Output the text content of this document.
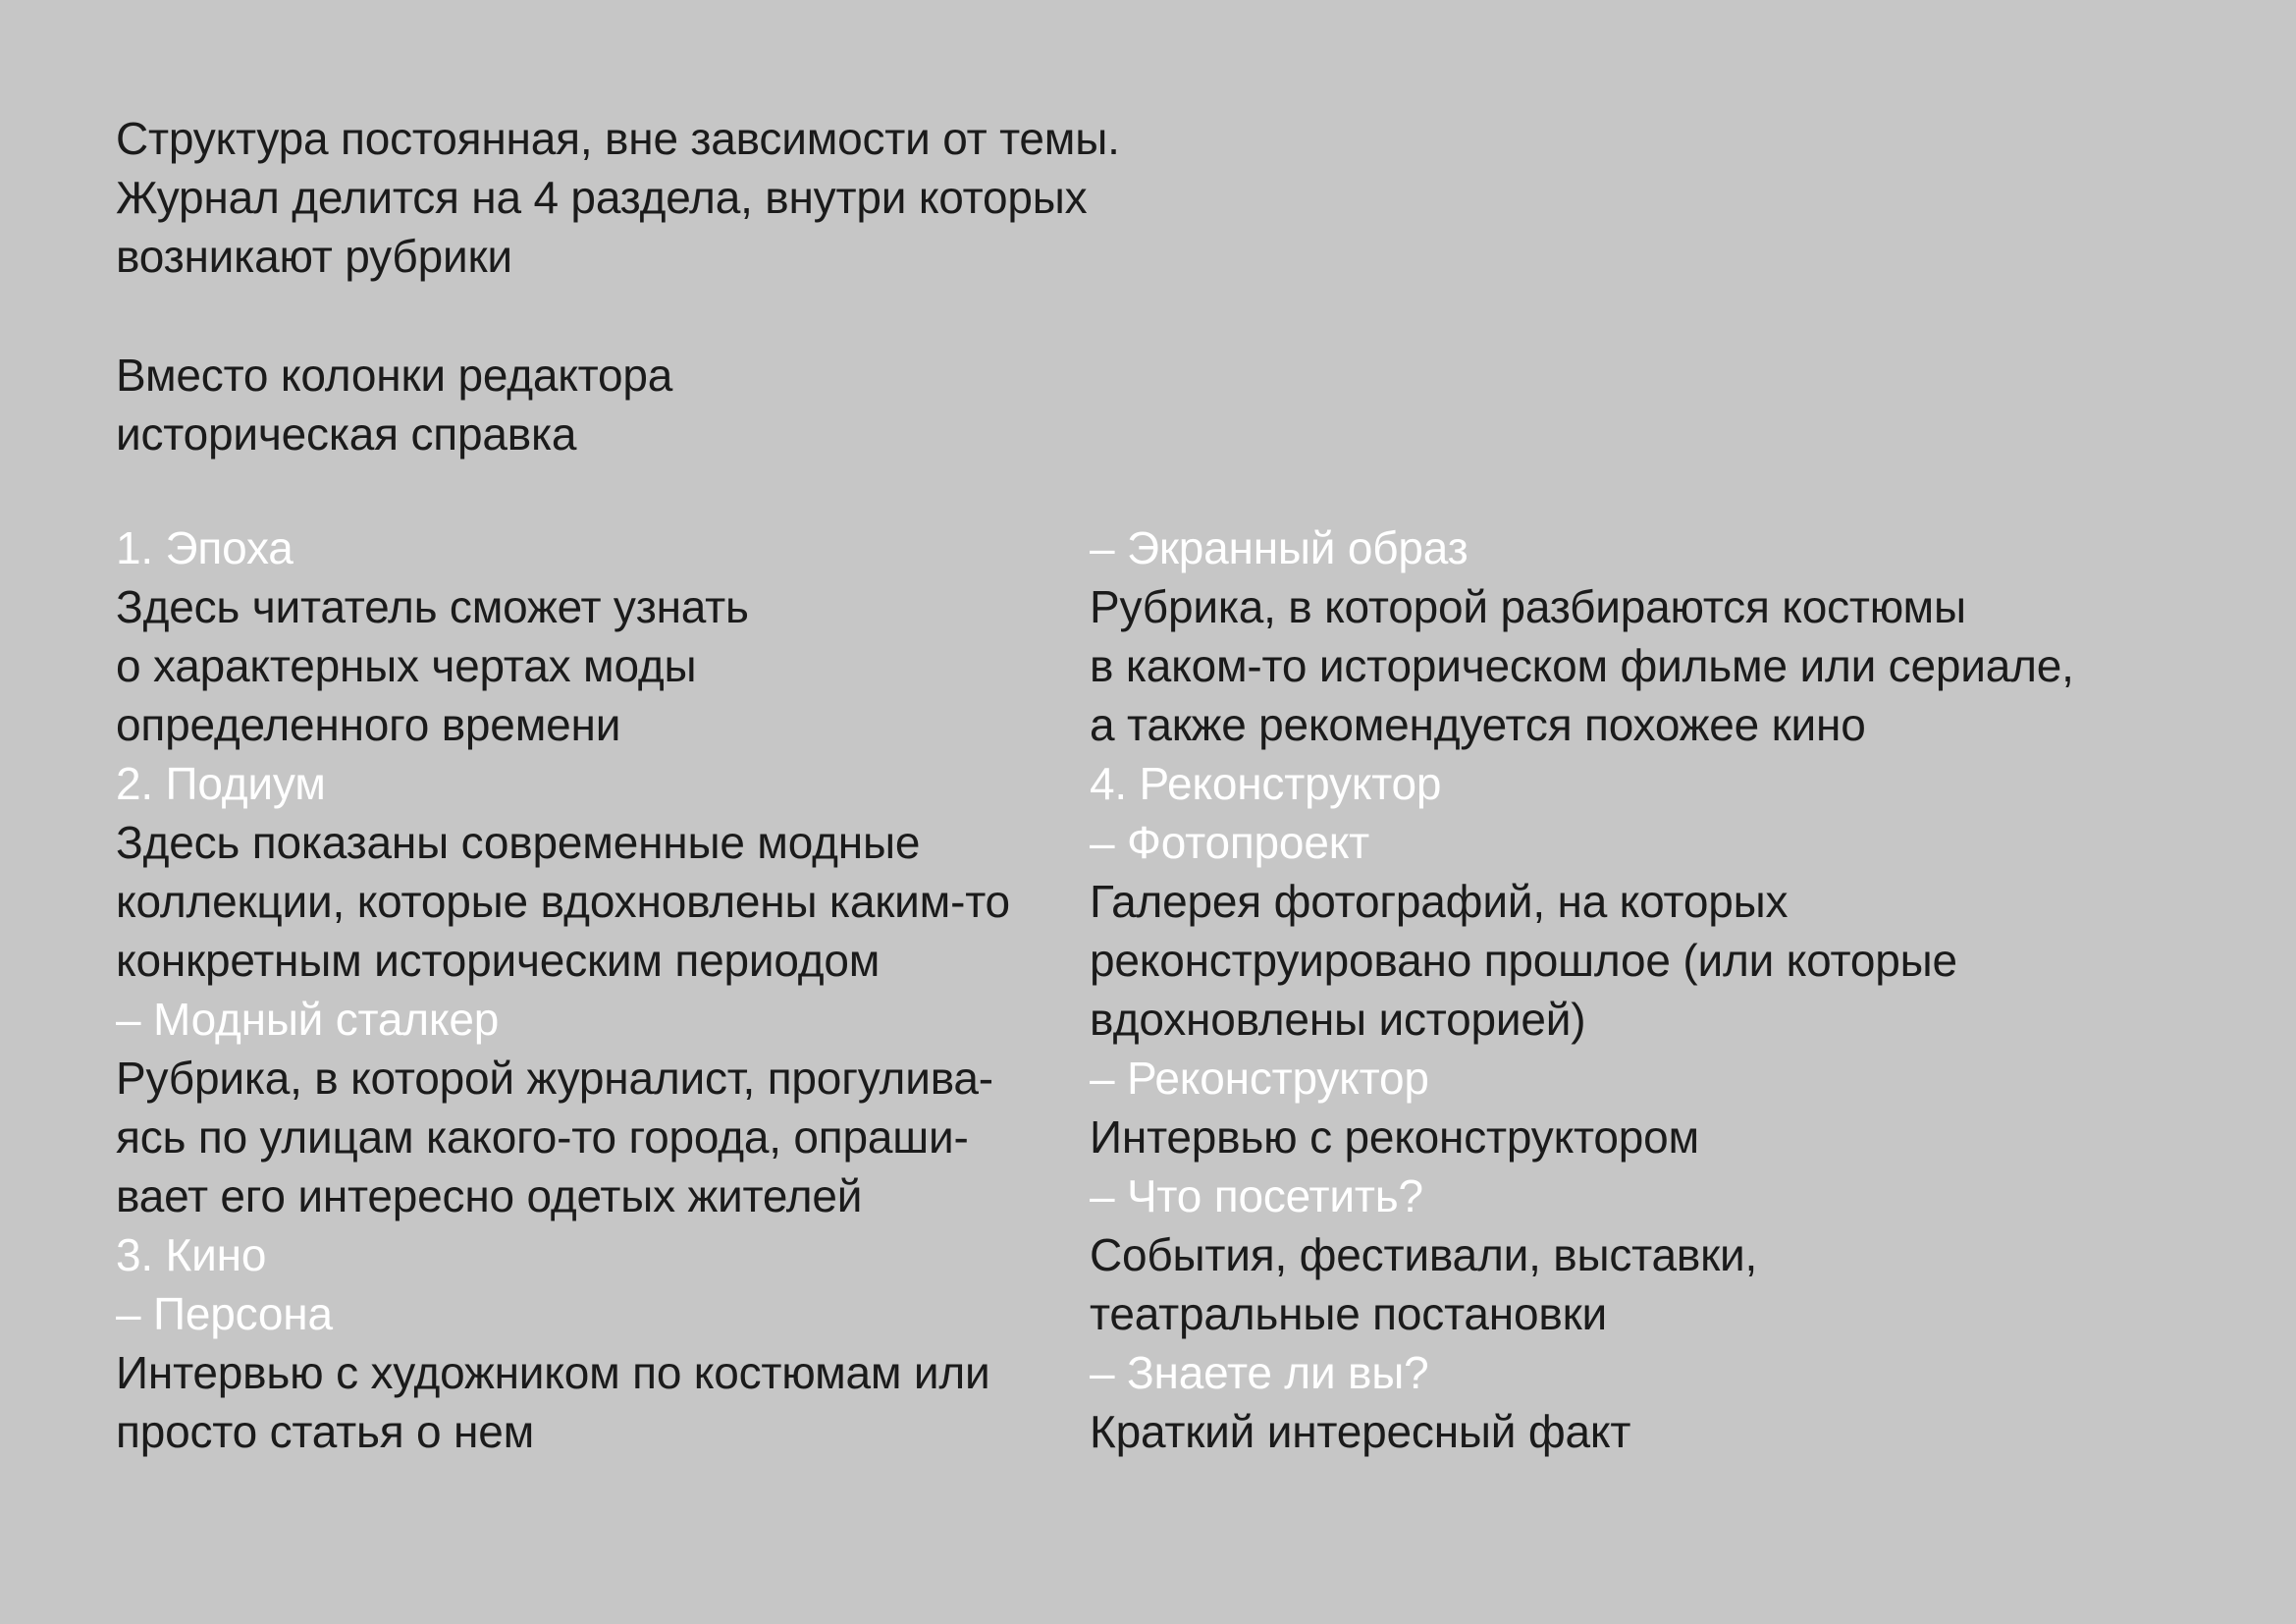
Структура постоянная, вне завсимости от темы.
Журнал делится на 4 раздела, внутри которых
возникают рубрики
Вместо колонки редактора
историческая справка
1. Эпоха
Здесь читатель сможет узнать
о характерных чертах моды
определенного времени
2. Подиум
Здесь показаны современные модные
коллекции, которые вдохновлены каким-то
конкретным историческим периодом
– Модный сталкер
Рубрика, в которой журналист, прогулива-
ясь по улицам какого-то города, опраши-
вает его интересно одетых жителей
3. Кино
– Персона
Интервью с художником по костюмам или
просто статья о нем
– Экранный образ
Рубрика, в которой разбираются костюмы
в каком-то историческом фильме или сериале,
а также рекомендуется похожее кино
4. Реконструктор
– Фотопроект
Галерея фотографий, на которых
реконструировано прошлое (или которые
вдохновлены историей)
– Реконструктор
Интервью с реконструктором
– Что посетить?
События, фестивали, выставки,
театральные постановки
– Знаете ли вы?
Краткий интересный факт
